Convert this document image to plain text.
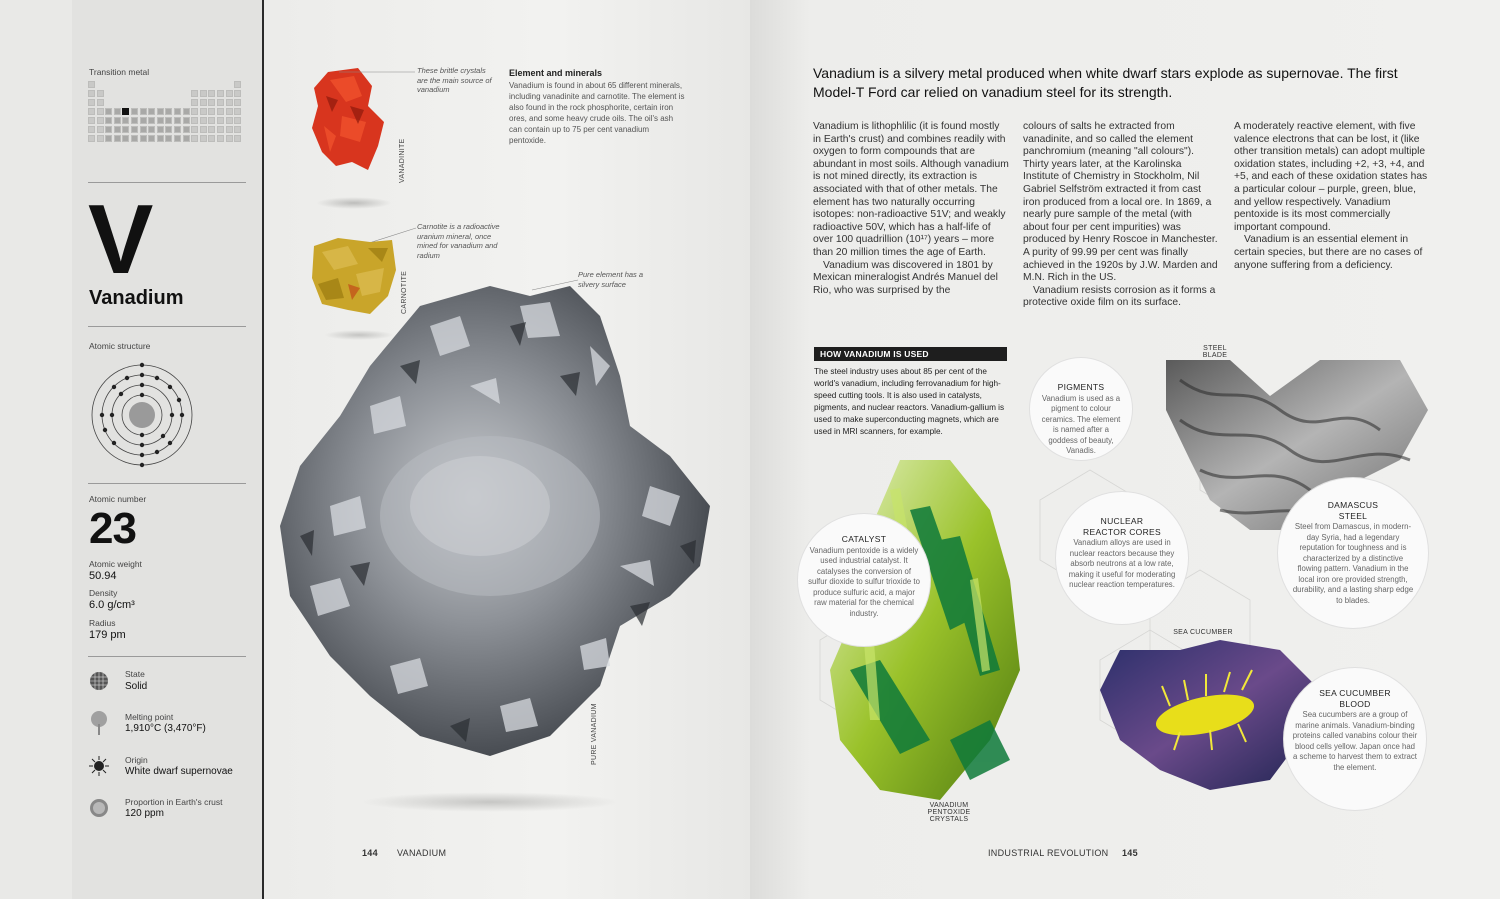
Transition metal
V
Vanadium
Atomic structure
Atomic number
23
Atomic weight
50.94
Density
6.0 g/cm³
Radius
179 pm
State
Solid
Melting point
1,910°C (3,470°F)
Origin
White dwarf supernovae
Proportion in Earth's crust
120 ppm
VANADINITE
These brittle crystals are the main source of vanadium
CARNOTITE
Carnotite is a radioactive uranium mineral, once mined for vanadium and radium
Pure element has a silvery surface
PURE VANADIUM
Element and minerals
Vanadium is found in about 65 different minerals, including vanadinite and carnotite. The element is also found in the rock phosphorite, certain iron ores, and some heavy crude oils. The oil's ash can contain up to 75 per cent vanadium pentoxide.
Vanadium is a silvery metal produced when white dwarf stars explode as supernovae. The first Model-T Ford car relied on vanadium steel for its strength.

Vanadium is lithophlilic (it is found mostly in Earth's crust) and combines readily with oxygen to form compounds that are abundant in most soils. Although vanadium is not mined directly, its extraction is associated with that of other metals. The element has two naturally occurring isotopes: non-radioactive 51V; and weakly radioactive 50V, which has a half-life of over 100 quadrillion (10¹⁷) years – more than 20 million times the age of Earth.

Vanadium was discovered in 1801 by Mexican mineralogist Andrés Manuel del Rio, who was surprised by the

colours of salts he extracted from vanadinite, and so called the element panchromium (meaning "all colours"). Thirty years later, at the Karolinska Institute of Chemistry in Stockholm, Nil Gabriel Selfström extracted it from cast iron produced from a local ore. In 1869, a nearly pure sample of the metal (with about four per cent impurities) was produced by Henry Roscoe in Manchester. A purity of 99.99 per cent was finally achieved in the 1920s by J.W. Marden and M.N. Rich in the US.

Vanadium resists corrosion as it forms a protective oxide film on its surface.

A moderately reactive element, with five valence electrons that can be lost, it (like other transition metals) can adopt multiple oxidation states, including +2, +3, +4, and +5, and each of these oxidation states has a particular colour – purple, green, blue, and yellow respectively. Vanadium pentoxide is its most commercially important compound.

Vanadium is an essential element in certain species, but there are no cases of anyone suffering from a deficiency.

HOW VANADIUM IS USED
The steel industry uses about 85 per cent of the world's vanadium, including ferrovanadium for high-speed cutting tools. It is also used in catalysts, pigments, and nuclear reactors. Vanadium-gallium is used to make superconducting magnets, which are used in MRI scanners, for example.
STEEL BLADE
SEA CUCUMBER
VANADIUM PENTOXIDE CRYSTALS
PIGMENTS
Vanadium is used as a pigment to colour ceramics. The element is named after a goddess of beauty, Vanadis.
NUCLEAR REACTOR CORES
Vanadium alloys are used in nuclear reactors because they absorb neutrons at a low rate, making it useful for moderating nuclear reaction temperatures.
CATALYST
Vanadium pentoxide is a widely used industrial catalyst. It catalyses the conversion of sulfur dioxide to sulfur trioxide to produce sulfuric acid, a major raw material for the chemical industry.
DAMASCUS STEEL
Steel from Damascus, in modern-day Syria, had a legendary reputation for toughness and is characterized by a distinctive flowing pattern. Vanadium in the local iron ore provided strength, durability, and a lasting sharp edge to blades.
SEA CUCUMBER BLOOD
Sea cucumbers are a group of marine animals. Vanadium-binding proteins called vanabins colour their blood cells yellow. Japan once had a scheme to harvest them to extract the element.
144 VANADIUM	INDUSTRIAL REVOLUTION 145
